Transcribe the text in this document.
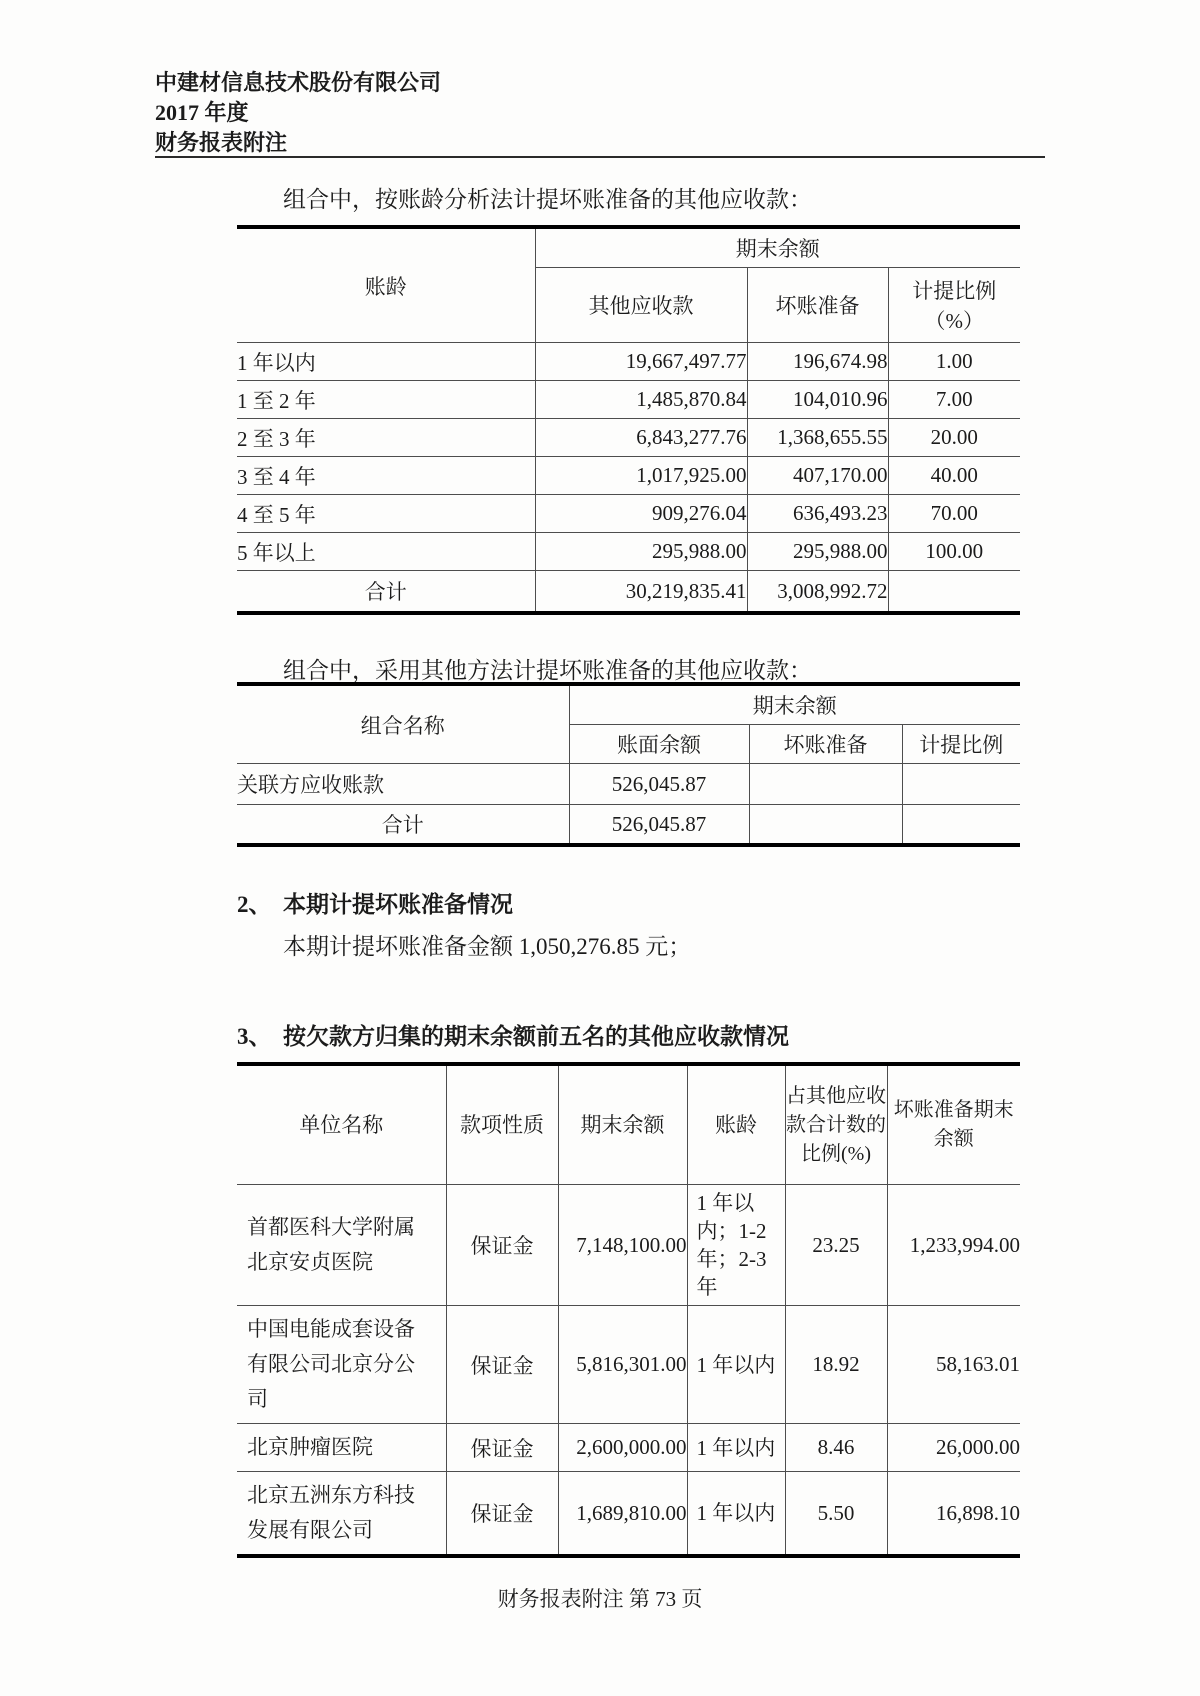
中建材信息技术股份有限公司
2017 年度
财务报表附注

组合中，按账龄分析法计提坏账准备的其他应收款：

账龄	期末余额		
	其他应收款	坏账准备	计提比例
（%）

1 年以内	19,667,497.77	196,674.98	1.00
1 至 2 年	1,485,870.84	104,010.96	7.00
2 至 3 年	6,843,277.76	1,368,655.55	20.00
3 至 4 年	1,017,925.00	407,170.00	40.00
4 至 5 年	909,276.04	636,493.23	70.00
5 年以上	295,988.00	295,988.00	100.00
合计	30,219,835.41	3,008,992.72	

组合中，采用其他方法计提坏账准备的其他应收款：

组合名称	期末余额		
	账面余额	坏账准备	计提比例
关联方应收账款	526,045.87		
合计	526,045.87		

2、 本期计提坏账准备情况

本期计提坏账准备金额 1,050,276.85 元；

3、 按欠款方归集的期末余额前五名的其他应收款情况

单位名称	款项性质	期末余额	账龄	占其他应收款合计数的比例(%)	坏账准备期末余额
首都医科大学附属北京安贞医院	保证金	7,148,100.00	1 年以内；1-2 年；2-3 年	23.25	1,233,994.00
中国电能成套设备有限公司北京分公司	保证金	5,816,301.00	1 年以内	18.92	58,163.01
北京肿瘤医院	保证金	2,600,000.00	1 年以内	8.46	26,000.00
北京五洲东方科技发展有限公司	保证金	1,689,810.00	1 年以内	5.50	16,898.10
财务报表附注 第 73 页
